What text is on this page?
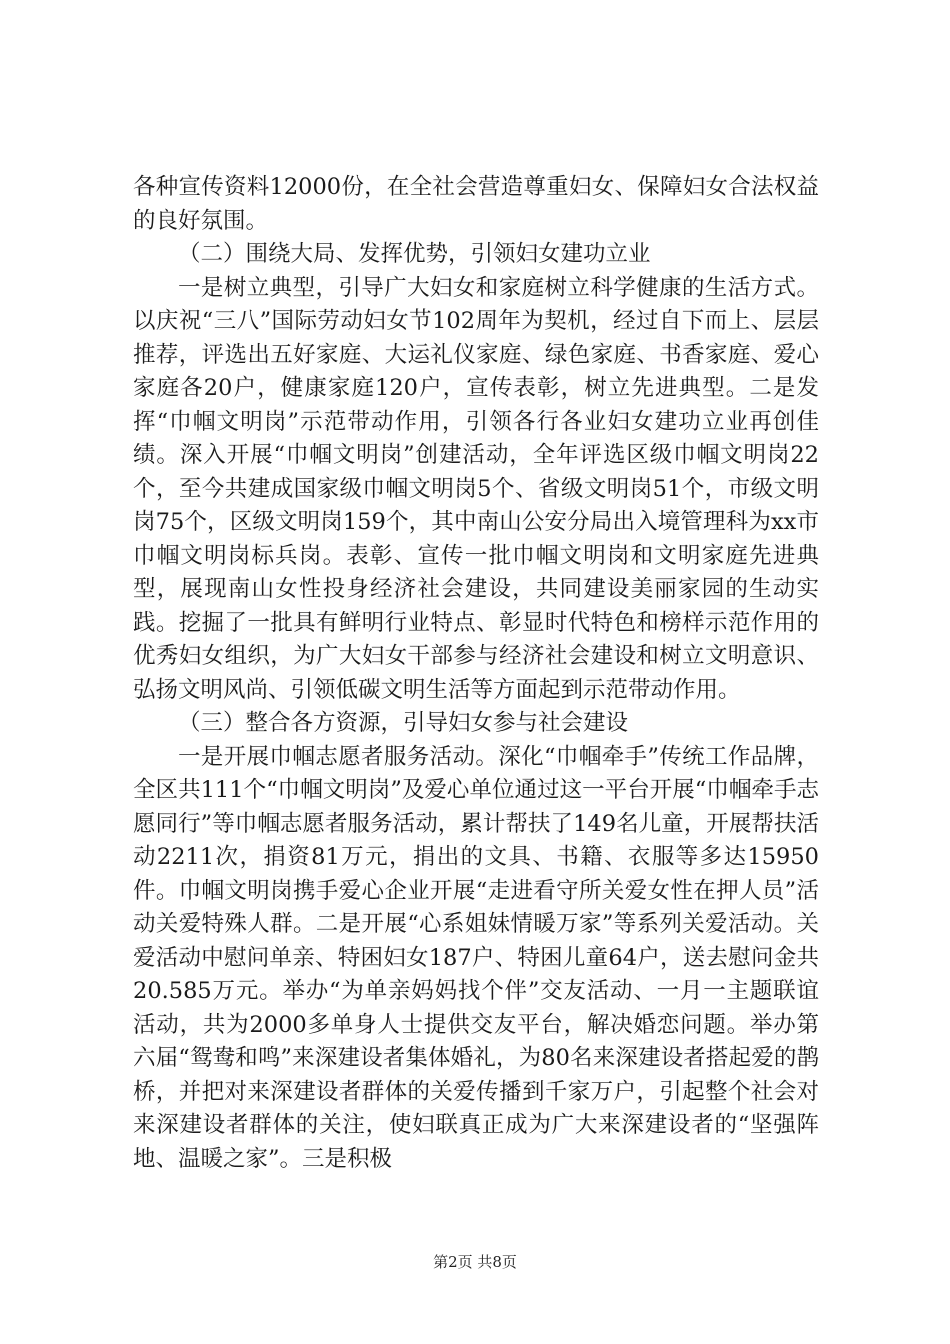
各种宣传资料12000份，在全社会营造尊重妇女、保障妇女合法权益的良好氛围。

（二）围绕大局、发挥优势，引领妇女建功立业

一是树立典型，引导广大妇女和家庭树立科学健康的生活方式。以庆祝“三八”国际劳动妇女节102周年为契机，经过自下而上、层层推荐，评选出五好家庭、大运礼仪家庭、绿色家庭、书香家庭、爱心家庭各20户，健康家庭120户，宣传表彰，树立先进典型。二是发挥“巾帼文明岗”示范带动作用，引领各行各业妇女建功立业再创佳绩。深入开展“巾帼文明岗”创建活动，全年评选区级巾帼文明岗22个，至今共建成国家级巾帼文明岗5个、省级文明岗51个，市级文明岗75个，区级文明岗159个，其中南山公安分局出入境管理科为xx市巾帼文明岗标兵岗。表彰、宣传一批巾帼文明岗和文明家庭先进典型，展现南山女性投身经济社会建设，共同建设美丽家园的生动实践。挖掘了一批具有鲜明行业特点、彰显时代特色和榜样示范作用的优秀妇女组织，为广大妇女干部参与经济社会建设和树立文明意识、弘扬文明风尚、引领低碳文明生活等方面起到示范带动作用。

（三）整合各方资源，引导妇女参与社会建设

一是开展巾帼志愿者服务活动。深化“巾帼牵手”传统工作品牌，全区共111个“巾帼文明岗”及爱心单位通过这一平台开展“巾帼牵手志愿同行”等巾帼志愿者服务活动，累计帮扶了149名儿童，开展帮扶活动2211次，捐资81万元，捐出的文具、书籍、衣服等多达15950件。巾帼文明岗携手爱心企业开展“走进看守所关爱女性在押人员”活动关爱特殊人群。二是开展“心系姐妹情暖万家”等系列关爱活动。关爱活动中慰问单亲、特困妇女187户、特困儿童64户，送去慰问金共20.585万元。举办“为单亲妈妈找个伴”交友活动、一月一主题联谊活动，共为2000多单身人士提供交友平台，解决婚恋问题。举办第六届“鸳鸯和鸣”来深建设者集体婚礼，为80名来深建设者搭起爱的鹊桥，并把对来深建设者群体的关爱传播到千家万户，引起整个社会对来深建设者群体的关注，使妇联真正成为广大来深建设者的“坚强阵地、温暖之家”。三是积极

第2页 共8页
